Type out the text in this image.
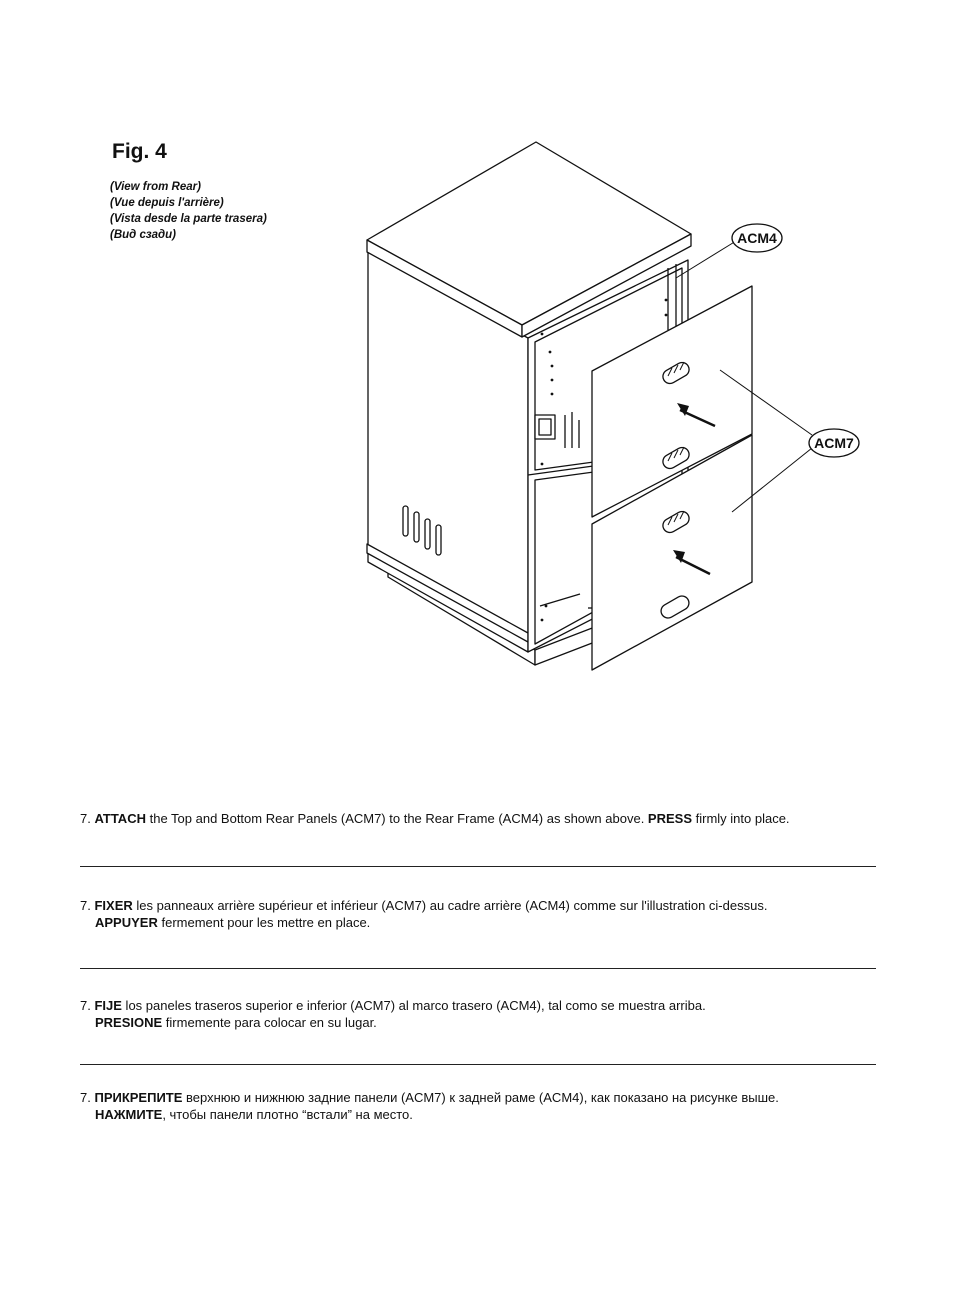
Fig. 4
(View from Rear)
(Vue depuis l'arrière)
(Vista desde la parte trasera)
(Вид сзади)	ACM4
ACM7
7. ATTACH the Top and Bottom Rear Panels (ACM7) to the Rear Frame (ACM4) as shown above. PRESS firmly into place.
7. FIXER les panneaux arrière supérieur et inférieur (ACM7) au cadre arrière (ACM4) comme sur l'illustration ci-dessus.
APPUYER fermement pour les mettre en place.
7. FIJE los paneles traseros superior e inferior (ACM7) al marco trasero (ACM4), tal como se muestra arriba.
PRESIONE firmemente para colocar en su lugar.
7. ПРИКРЕПИТЕ верхнюю и нижнюю задние панели (ACM7) к задней раме (ACM4), как показано на рисунке выше.
НАЖМИТЕ, чтобы панели плотно “встали” на место.
